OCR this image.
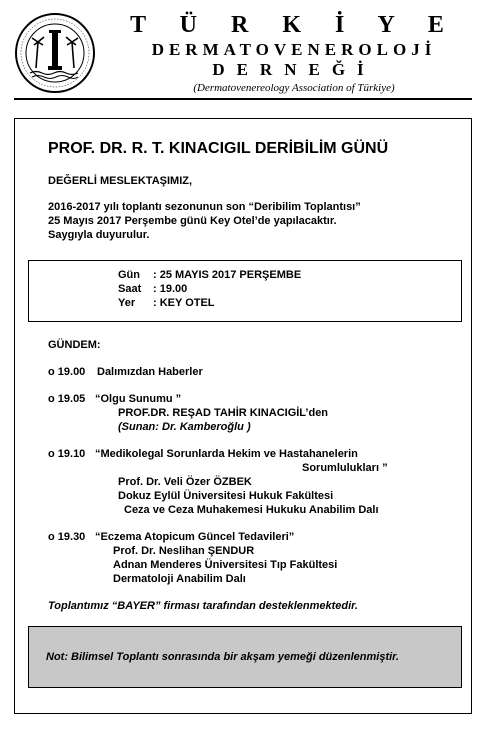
T Ü R K İ Y E
DERMATOVENEROLOJİ
DERNEĞİ
(Dermatovenereology Association of Türkiye)
PROF. DR. R. T. KINACIGIL DERİBİLİM GÜNÜ
DEĞERLİ MESLEKTAŞIMIZ,
2016-2017 yılı toplantı sezonunun son “Deribilim Toplantısı”
25 Mayıs 2017 Perşembe günü Key Otel’de yapılacaktır.
Saygıyla duyurulur.
Gün : 25 MAYIS 2017 PERŞEMBE
Saat : 19.00
Yer : KEY OTEL
GÜNDEM:
o 19.00 Dalımızdan Haberler
o 19.05 “Olgu Sunumu ”
PROF.DR. REŞAD TAHİR KINACIGİL’den
(Sunan: Dr. Kamberoğlu )
o 19.10 “Medikolegal Sorunlarda Hekim ve Hastahanelerin
Sorumlulukları ”
Prof. Dr. Veli Özer ÖZBEK
Dokuz Eylül Üniversitesi Hukuk Fakültesi
Ceza ve Ceza Muhakemesi Hukuku Anabilim Dalı
o 19.30 “Eczema Atopicum Güncel Tedavileri”
Prof. Dr. Neslihan ŞENDUR
Adnan Menderes Üniversitesi Tıp Fakültesi
Dermatoloji Anabilim Dalı
Toplantımız “BAYER” firması tarafından desteklenmektedir.
Not: Bilimsel Toplantı sonrasında bir akşam yemeği düzenlenmiştir.
